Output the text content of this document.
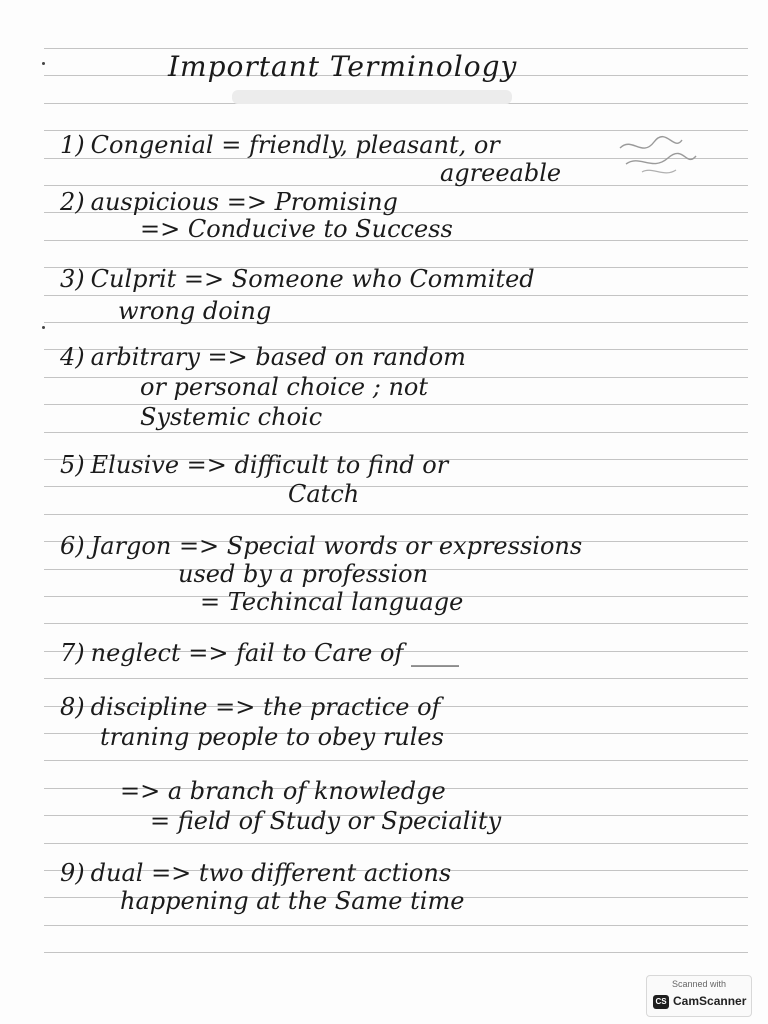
Important Terminology
1) Congenial = friendly, pleasant, or
agreeable
2) auspicious => Promising
=> Conducive to Success
3) Culprit => Someone who Commited
wrong doing
4) arbitrary => based on random
or personal choice ; not
Systemic choic
5) Elusive => difficult to find or
Catch
6) Jargon => Special words or expressions
used by a profession
= Techincal language
7) neglect => fail to Care of ____
8) discipline => the practice of
traning people to obey rules
=> a branch of knowledge
= field of Study or Speciality
9) dual => two different actions
happening at the Same time
Scanned with
CS CamScanner
